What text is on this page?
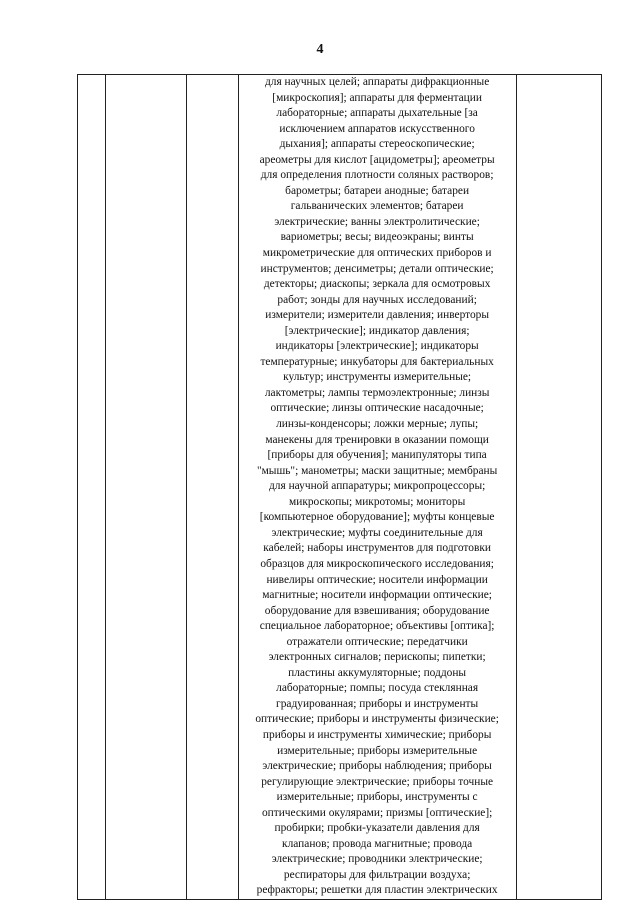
4

для научных целей; аппараты дифракционные
[микроскопия]; аппараты для ферментации
лабораторные; аппараты дыхательные [за
исключением аппаратов искусственного
дыхания]; аппараты стереоскопические;
ареометры для кислот [ацидометры]; ареометры
для определения плотности соляных растворов;
барометры; батареи анодные; батареи
гальванических элементов; батареи
электрические; ванны электролитические;
вариометры; весы; видеоэкраны; винты
микрометрические для оптических приборов и
инструментов; денсиметры; детали оптические;
детекторы; диаскопы; зеркала для осмотровых
работ; зонды для научных исследований;
измерители; измерители давления; инверторы
[электрические]; индикатор давления;
индикаторы [электрические]; индикаторы
температурные; инкубаторы для бактериальных
культур; инструменты измерительные;
лактометры; лампы термоэлектронные; линзы
оптические; линзы оптические насадочные;
линзы-конденсоры; ложки мерные; лупы;
манекены для тренировки в оказании помощи
[приборы для обучения]; манипуляторы типа
"мышь"; манометры; маски защитные; мембраны
для научной аппаратуры; микропроцессоры;
микроскопы; микротомы; мониторы
[компьютерное оборудование]; муфты концевые
электрические; муфты соединительные для
кабелей; наборы инструментов для подготовки
образцов для микроскопического исследования;
нивелиры оптические; носители информации
магнитные; носители информации оптические;
оборудование для взвешивания; оборудование
специальное лабораторное; объективы [оптика];
отражатели оптические; передатчики
электронных сигналов; перископы; пипетки;
пластины аккумуляторные; поддоны
лабораторные; помпы; посуда стеклянная
градуированная; приборы и инструменты
оптические; приборы и инструменты физические;
приборы и инструменты химические; приборы
измерительные; приборы измерительные
электрические; приборы наблюдения; приборы
регулирующие электрические; приборы точные
измерительные; приборы, инструменты с
оптическими окулярами; призмы [оптические];
пробирки; пробки-указатели давления для
клапанов; провода магнитные; провода
электрические; проводники электрические;
респираторы для фильтрации воздуха;
рефракторы; решетки для пластин электрических
